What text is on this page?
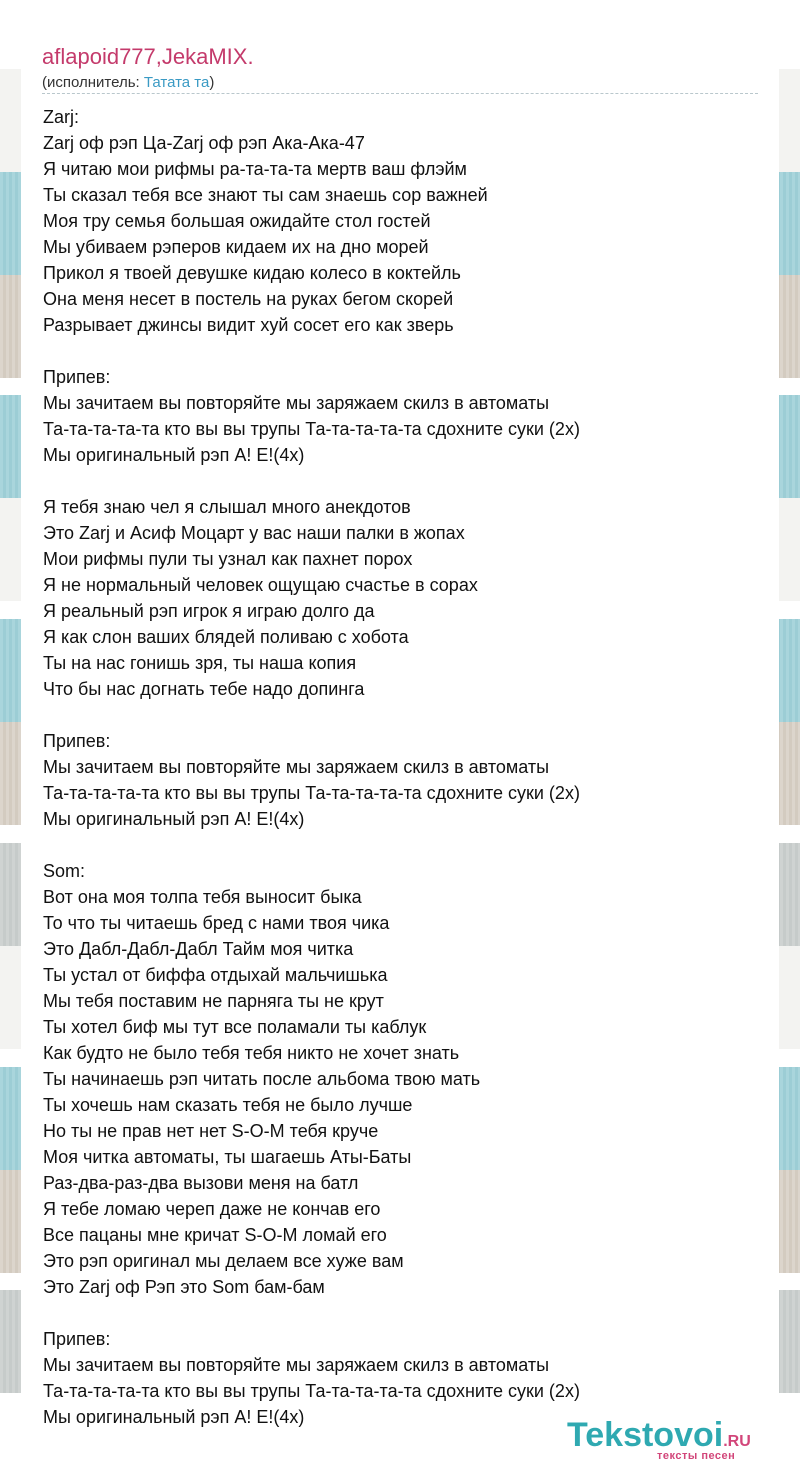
aflapoid777,JekaMIX.
(исполнитель: Татата та)
Zarj:
Zarj оф рэп Ца-Zarj оф рэп Ака-Ака-47
Я читаю мои рифмы ра-та-та-та мертв ваш флэйм
Ты сказал тебя все знают ты сам знаешь сор важней
Моя тру семья большая ожидайте стол гостей
Мы убиваем рэперов кидаем их на дно морей
Прикол я твоей девушке кидаю колесо в коктейль
Она меня несет в постель на руках бегом скорей
Разрывает джинсы видит хуй сосет его как зверь
Припев:
Мы зачитаем вы повторяйте мы заряжаем скилз в автоматы
Та-та-та-та-та кто вы вы трупы Та-та-та-та-та сдохните суки (2x)
Мы оригинальный рэп А! Е!(4x)
Я тебя знаю чел я слышал много анекдотов
Это Zarj и Асиф Моцарт у вас наши палки в жопах
Мои рифмы пули ты узнал как пахнет порох
Я не нормальный человек ощущаю счастье в сорах
Я реальный рэп игрок я играю долго да
Я как слон ваших блядей поливаю с хобота
Ты на нас гонишь зря, ты наша копия
Что бы нас догнать тебе надо допинга
Припев:
Мы зачитаем вы повторяйте мы заряжаем скилз в автоматы
Та-та-та-та-та кто вы вы трупы Та-та-та-та-та сдохните суки (2x)
Мы оригинальный рэп А! Е!(4x)
Som:
Вот она моя толпа тебя выносит быка
То что ты читаешь бред с нами твоя чика
Это Дабл-Дабл-Дабл Тайм моя читка
Ты устал от биффа отдыхай мальчишька
Мы тебя поставим не парняга ты не крут
Ты хотел биф мы тут все поламали ты каблук
Как будто не было тебя тебя никто не хочет знать
Ты начинаешь рэп читать после альбома твою мать
Ты хочешь нам сказать тебя не было лучше
Но ты не прав нет нет S-O-M тебя круче
Моя читка автоматы, ты шагаешь Аты-Баты
Раз-два-раз-два вызови меня на батл
Я тебе ломаю череп даже не кончав его
Все пацаны мне кричат S-O-M ломай его
Это рэп оригинал мы делаем все хуже вам
Это Zarj оф Рэп это Som бам-бам
Припев:
Мы зачитаем вы повторяйте мы заряжаем скилз в автоматы
Та-та-та-та-та кто вы вы трупы Та-та-та-та-та сдохните суки (2x)
Мы оригинальный рэп А! Е!(4x)	Tekstovoi.RU
тексты песен
